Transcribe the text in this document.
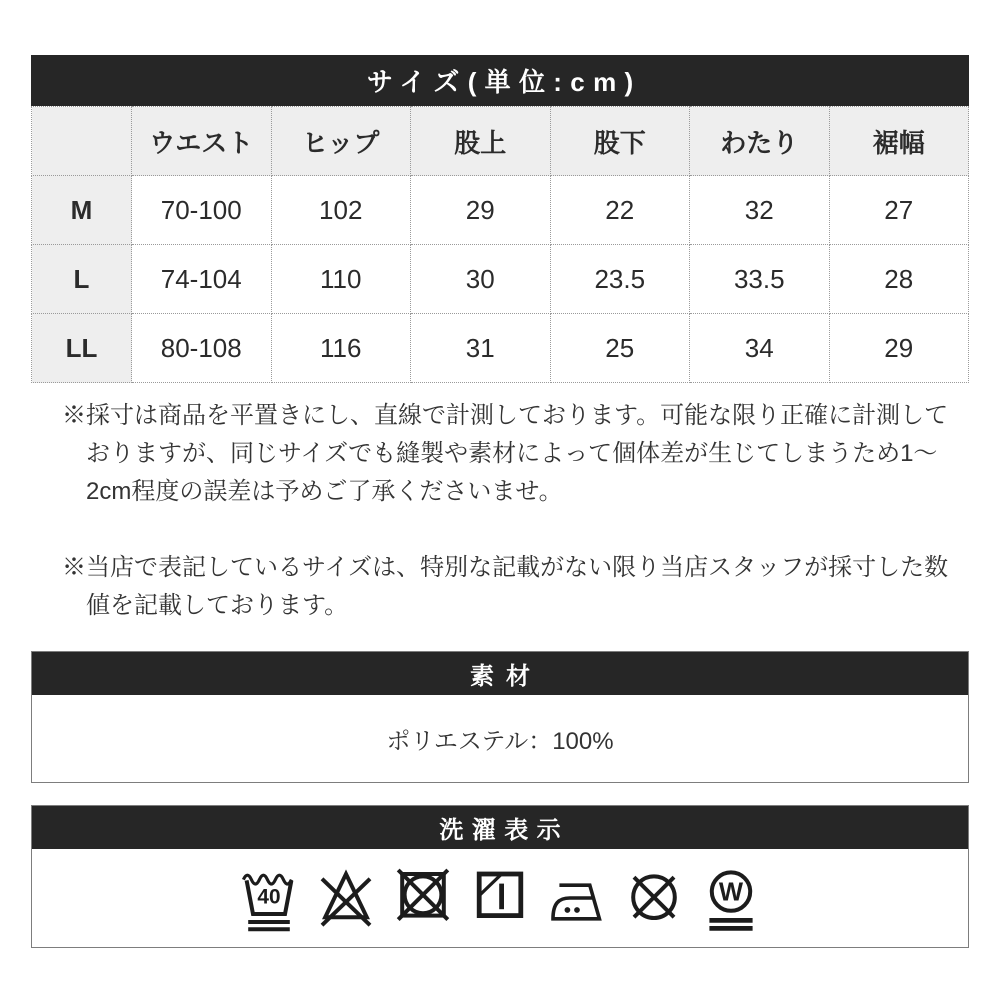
サイズ(単位:cm)
	ウエスト	ヒップ	股上	股下	わたり	裾幅
M	70-100	102	29	22	32	27
L	74-104	110	30	23.5	33.5	28
LL	80-108	116	31	25	34	29

※採寸は商品を平置きにし、直線で計測しております。可能な限り正確に計測しておりますが、同じサイズでも縫製や素材によって個体差が生じてしまうため1〜2cm程度の誤差は予めご了承くださいませ。

※当店で表記しているサイズは、特別な記載がない限り当店スタッフが採寸した数値を記載しております。

素材
ポリエステル：100%
洗濯表示
40	W
